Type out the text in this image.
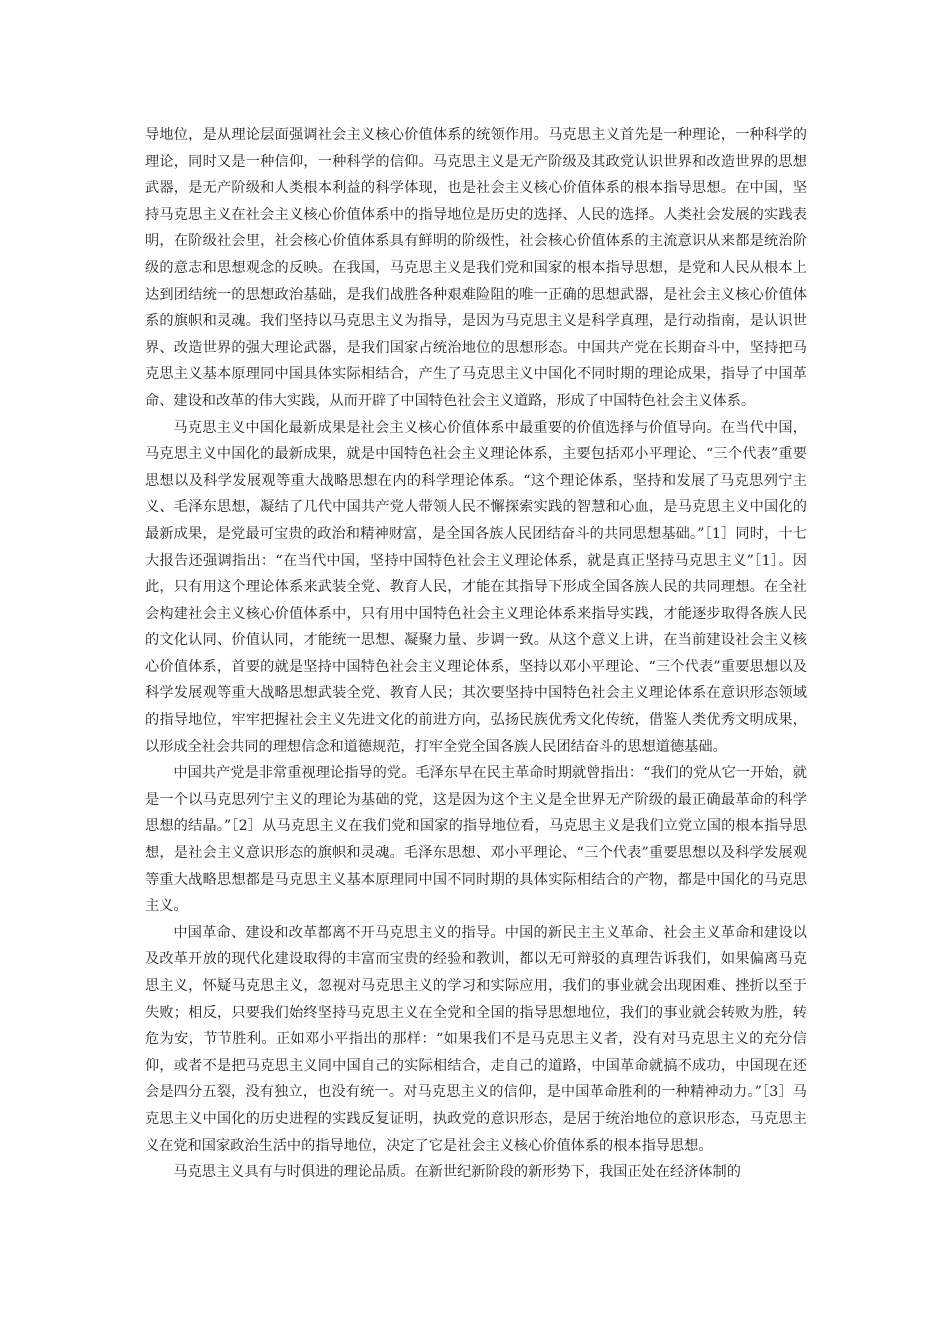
导地位，是从理论层面强调社会主义核心价值体系的统领作用。马克思主义首先是一种理论，一种科学的理论，同时又是一种信仰，一种科学的信仰。马克思主义是无产阶级及其政党认识世界和改造世界的思想武器，是无产阶级和人类根本利益的科学体现，也是社会主义核心价值体系的根本指导思想。在中国，坚持马克思主义在社会主义核心价值体系中的指导地位是历史的选择、人民的选择。人类社会发展的实践表明，在阶级社会里，社会核心价值体系具有鲜明的阶级性，社会核心价值体系的主流意识从来都是统治阶级的意志和思想观念的反映。在我国，马克思主义是我们党和国家的根本指导思想，是党和人民从根本上达到团结统一的思想政治基础，是我们战胜各种艰难险阻的唯一正确的思想武器，是社会主义核心价值体系的旗帜和灵魂。我们坚持以马克思主义为指导，是因为马克思主义是科学真理，是行动指南，是认识世界、改造世界的强大理论武器，是我们国家占统治地位的思想形态。中国共产党在长期奋斗中，坚持把马克思主义基本原理同中国具体实际相结合，产生了马克思主义中国化不同时期的理论成果，指导了中国革命、建设和改革的伟大实践，从而开辟了中国特色社会主义道路，形成了中国特色社会主义体系。

马克思主义中国化最新成果是社会主义核心价值体系中最重要的价值选择与价值导向。在当代中国，马克思主义中国化的最新成果，就是中国特色社会主义理论体系，主要包括邓小平理论、“三个代表”重要思想以及科学发展观等重大战略思想在内的科学理论体系。“这个理论体系，坚持和发展了马克思列宁主义、毛泽东思想，凝结了几代中国共产党人带领人民不懈探索实践的智慧和心血，是马克思主义中国化的最新成果，是党最可宝贵的政治和精神财富，是全国各族人民团结奋斗的共同思想基础。”［1］同时，十七大报告还强调指出：“在当代中国，坚持中国特色社会主义理论体系，就是真正坚持马克思主义”［1］。因此，只有用这个理论体系来武装全党、教育人民，才能在其指导下形成全国各族人民的共同理想。在全社会构建社会主义核心价值体系中，只有用中国特色社会主义理论体系来指导实践，才能逐步取得各族人民的文化认同、价值认同，才能统一思想、凝聚力量、步调一致。从这个意义上讲，在当前建设社会主义核心价值体系，首要的就是坚持中国特色社会主义理论体系，坚持以邓小平理论、“三个代表”重要思想以及科学发展观等重大战略思想武装全党、教育人民；其次要坚持中国特色社会主义理论体系在意识形态领域的指导地位，牢牢把握社会主义先进文化的前进方向，弘扬民族优秀文化传统，借鉴人类优秀文明成果，以形成全社会共同的理想信念和道德规范，打牢全党全国各族人民团结奋斗的思想道德基础。

中国共产党是非常重视理论指导的党。毛泽东早在民主革命时期就曾指出：“我们的党从它一开始，就是一个以马克思列宁主义的理论为基础的党，这是因为这个主义是全世界无产阶级的最正确最革命的科学思想的结晶。”［2］从马克思主义在我们党和国家的指导地位看，马克思主义是我们立党立国的根本指导思想，是社会主义意识形态的旗帜和灵魂。毛泽东思想、邓小平理论、“三个代表”重要思想以及科学发展观等重大战略思想都是马克思主义基本原理同中国不同时期的具体实际相结合的产物，都是中国化的马克思主义。

中国革命、建设和改革都离不开马克思主义的指导。中国的新民主主义革命、社会主义革命和建设以及改革开放的现代化建设取得的丰富而宝贵的经验和教训，都以无可辩驳的真理告诉我们，如果偏离马克思主义，怀疑马克思主义，忽视对马克思主义的学习和实际应用，我们的事业就会出现困难、挫折以至于失败；相反，只要我们始终坚持马克思主义在全党和全国的指导思想地位，我们的事业就会转败为胜，转危为安，节节胜利。正如邓小平指出的那样：“如果我们不是马克思主义者，没有对马克思主义的充分信仰，或者不是把马克思主义同中国自己的实际相结合，走自己的道路，中国革命就搞不成功，中国现在还会是四分五裂，没有独立，也没有统一。对马克思主义的信仰，是中国革命胜利的一种精神动力。”［3］马克思主义中国化的历史进程的实践反复证明，执政党的意识形态，是居于统治地位的意识形态，马克思主义在党和国家政治生活中的指导地位，决定了它是社会主义核心价值体系的根本指导思想。

马克思主义具有与时俱进的理论品质。在新世纪新阶段的新形势下，我国正处在经济体制的
